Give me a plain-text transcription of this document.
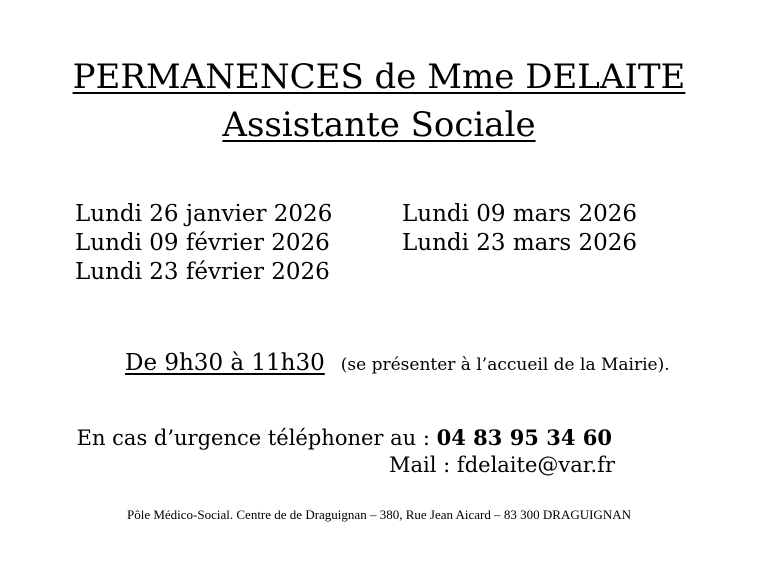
PERMANENCES de Mme DELAITE
Assistante Sociale
Lundi 26 janvier 2026
Lundi 09 février 2026
Lundi 23 février 2026
Lundi 09 mars 2026
Lundi 23 mars 2026
De 9h30 à 11h30 (se présenter à l’accueil de la Mairie).
En cas d’urgence téléphoner au : 04 83 95 34 60
Mail : fdelaite@var.fr
Pôle Médico-Social. Centre de de Draguignan – 380, Rue Jean Aicard – 83 300 DRAGUIGNAN
